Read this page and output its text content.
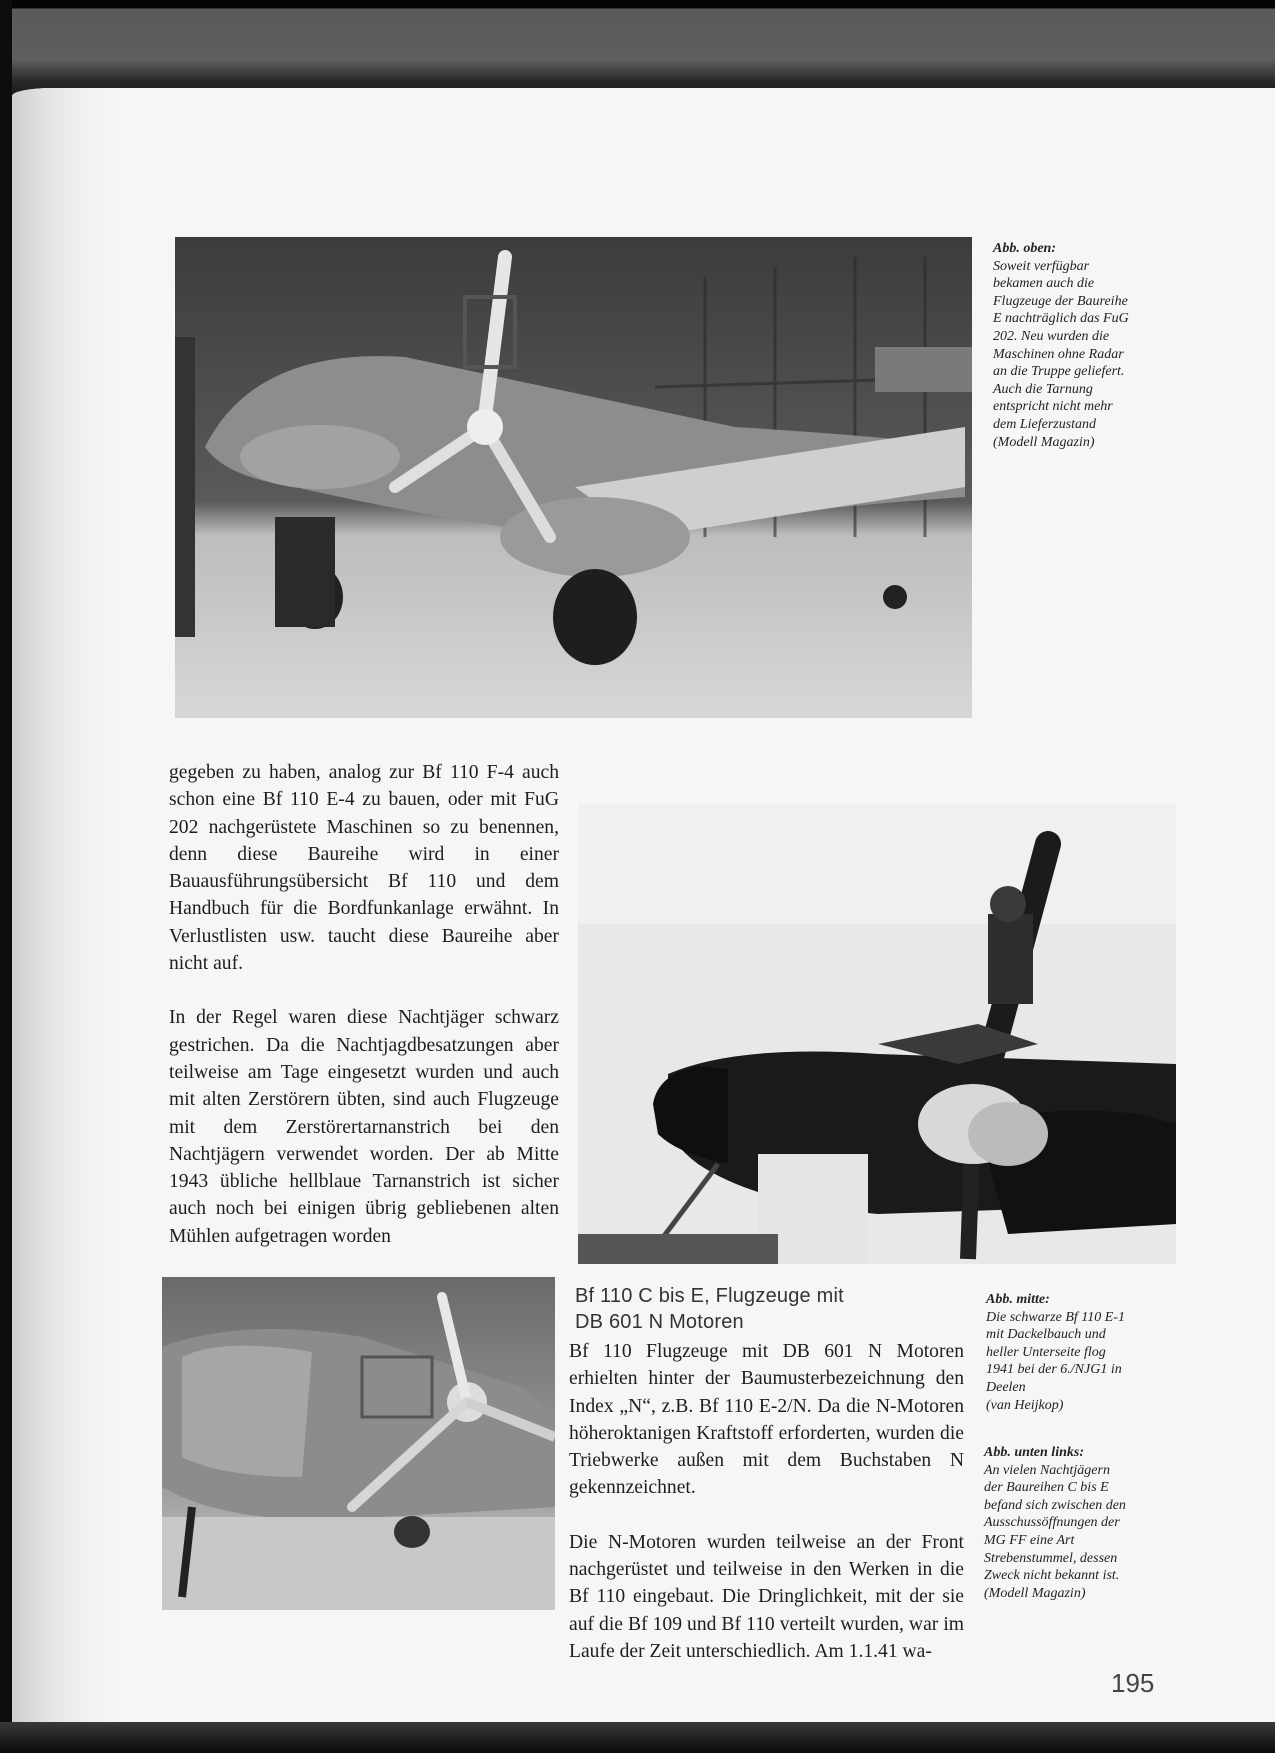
Abb. oben:
Soweit verfügbar
bekamen auch die
Flugzeuge der Baureihe
E nachträglich das FuG
202. Neu wurden die
Maschinen ohne Radar
an die Truppe geliefert.
Auch die Tarnung
entspricht nicht mehr
dem Lieferzustand
(Modell Magazin)

gegeben zu haben, analog zur Bf 110 F-4 auch schon eine Bf 110 E-4 zu bauen, oder mit FuG 202 nachgerüstete Maschinen so zu benennen, denn diese Baureihe wird in einer Bauausführungsübersicht Bf 110 und dem Handbuch für die Bordfunkanlage erwähnt. In Verlustlisten usw. taucht diese Baureihe aber nicht auf.

In der Regel waren diese Nachtjäger schwarz gestrichen. Da die Nachtjagdbesatzungen aber teilweise am Tage eingesetzt wurden und auch mit alten Zerstörern übten, sind auch Flugzeuge mit dem Zerstörertarnanstrich bei den Nachtjägern verwendet worden. Der ab Mitte 1943 übliche hellblaue Tarnanstrich ist sicher auch noch bei einigen übrig gebliebenen alten Mühlen aufgetragen worden

Bf 110 C bis E, Flugzeuge mit
DB 601 N Motoren

Bf 110 Flugzeuge mit DB 601 N Motoren erhielten hinter der Baumusterbezeichnung den Index „N“, z.B. Bf 110 E-2/N. Da die N-Motoren höheroktanigen Kraftstoff erforderten, wurden die Triebwerke außen mit dem Buchstaben N gekennzeichnet.

Die N-Motoren wurden teilweise an der Front nachgerüstet und teilweise in den Werken in die Bf 110 eingebaut. Die Dringlichkeit, mit der sie auf die Bf 109 und Bf 110 verteilt wurden, war im Laufe der Zeit unterschiedlich. Am 1.1.41 wa-

Abb. mitte:
Die schwarze Bf 110 E-1
mit Dackelbauch und
heller Unterseite flog
1941 bei der 6./NJG1 in
Deelen
(van Heijkop)
Abb. unten links:
An vielen Nachtjägern
der Baureihen C bis E
befand sich zwischen den
Ausschussöffnungen der
MG FF eine Art
Strebenstummel, dessen
Zweck nicht bekannt ist.
(Modell Magazin)
195
